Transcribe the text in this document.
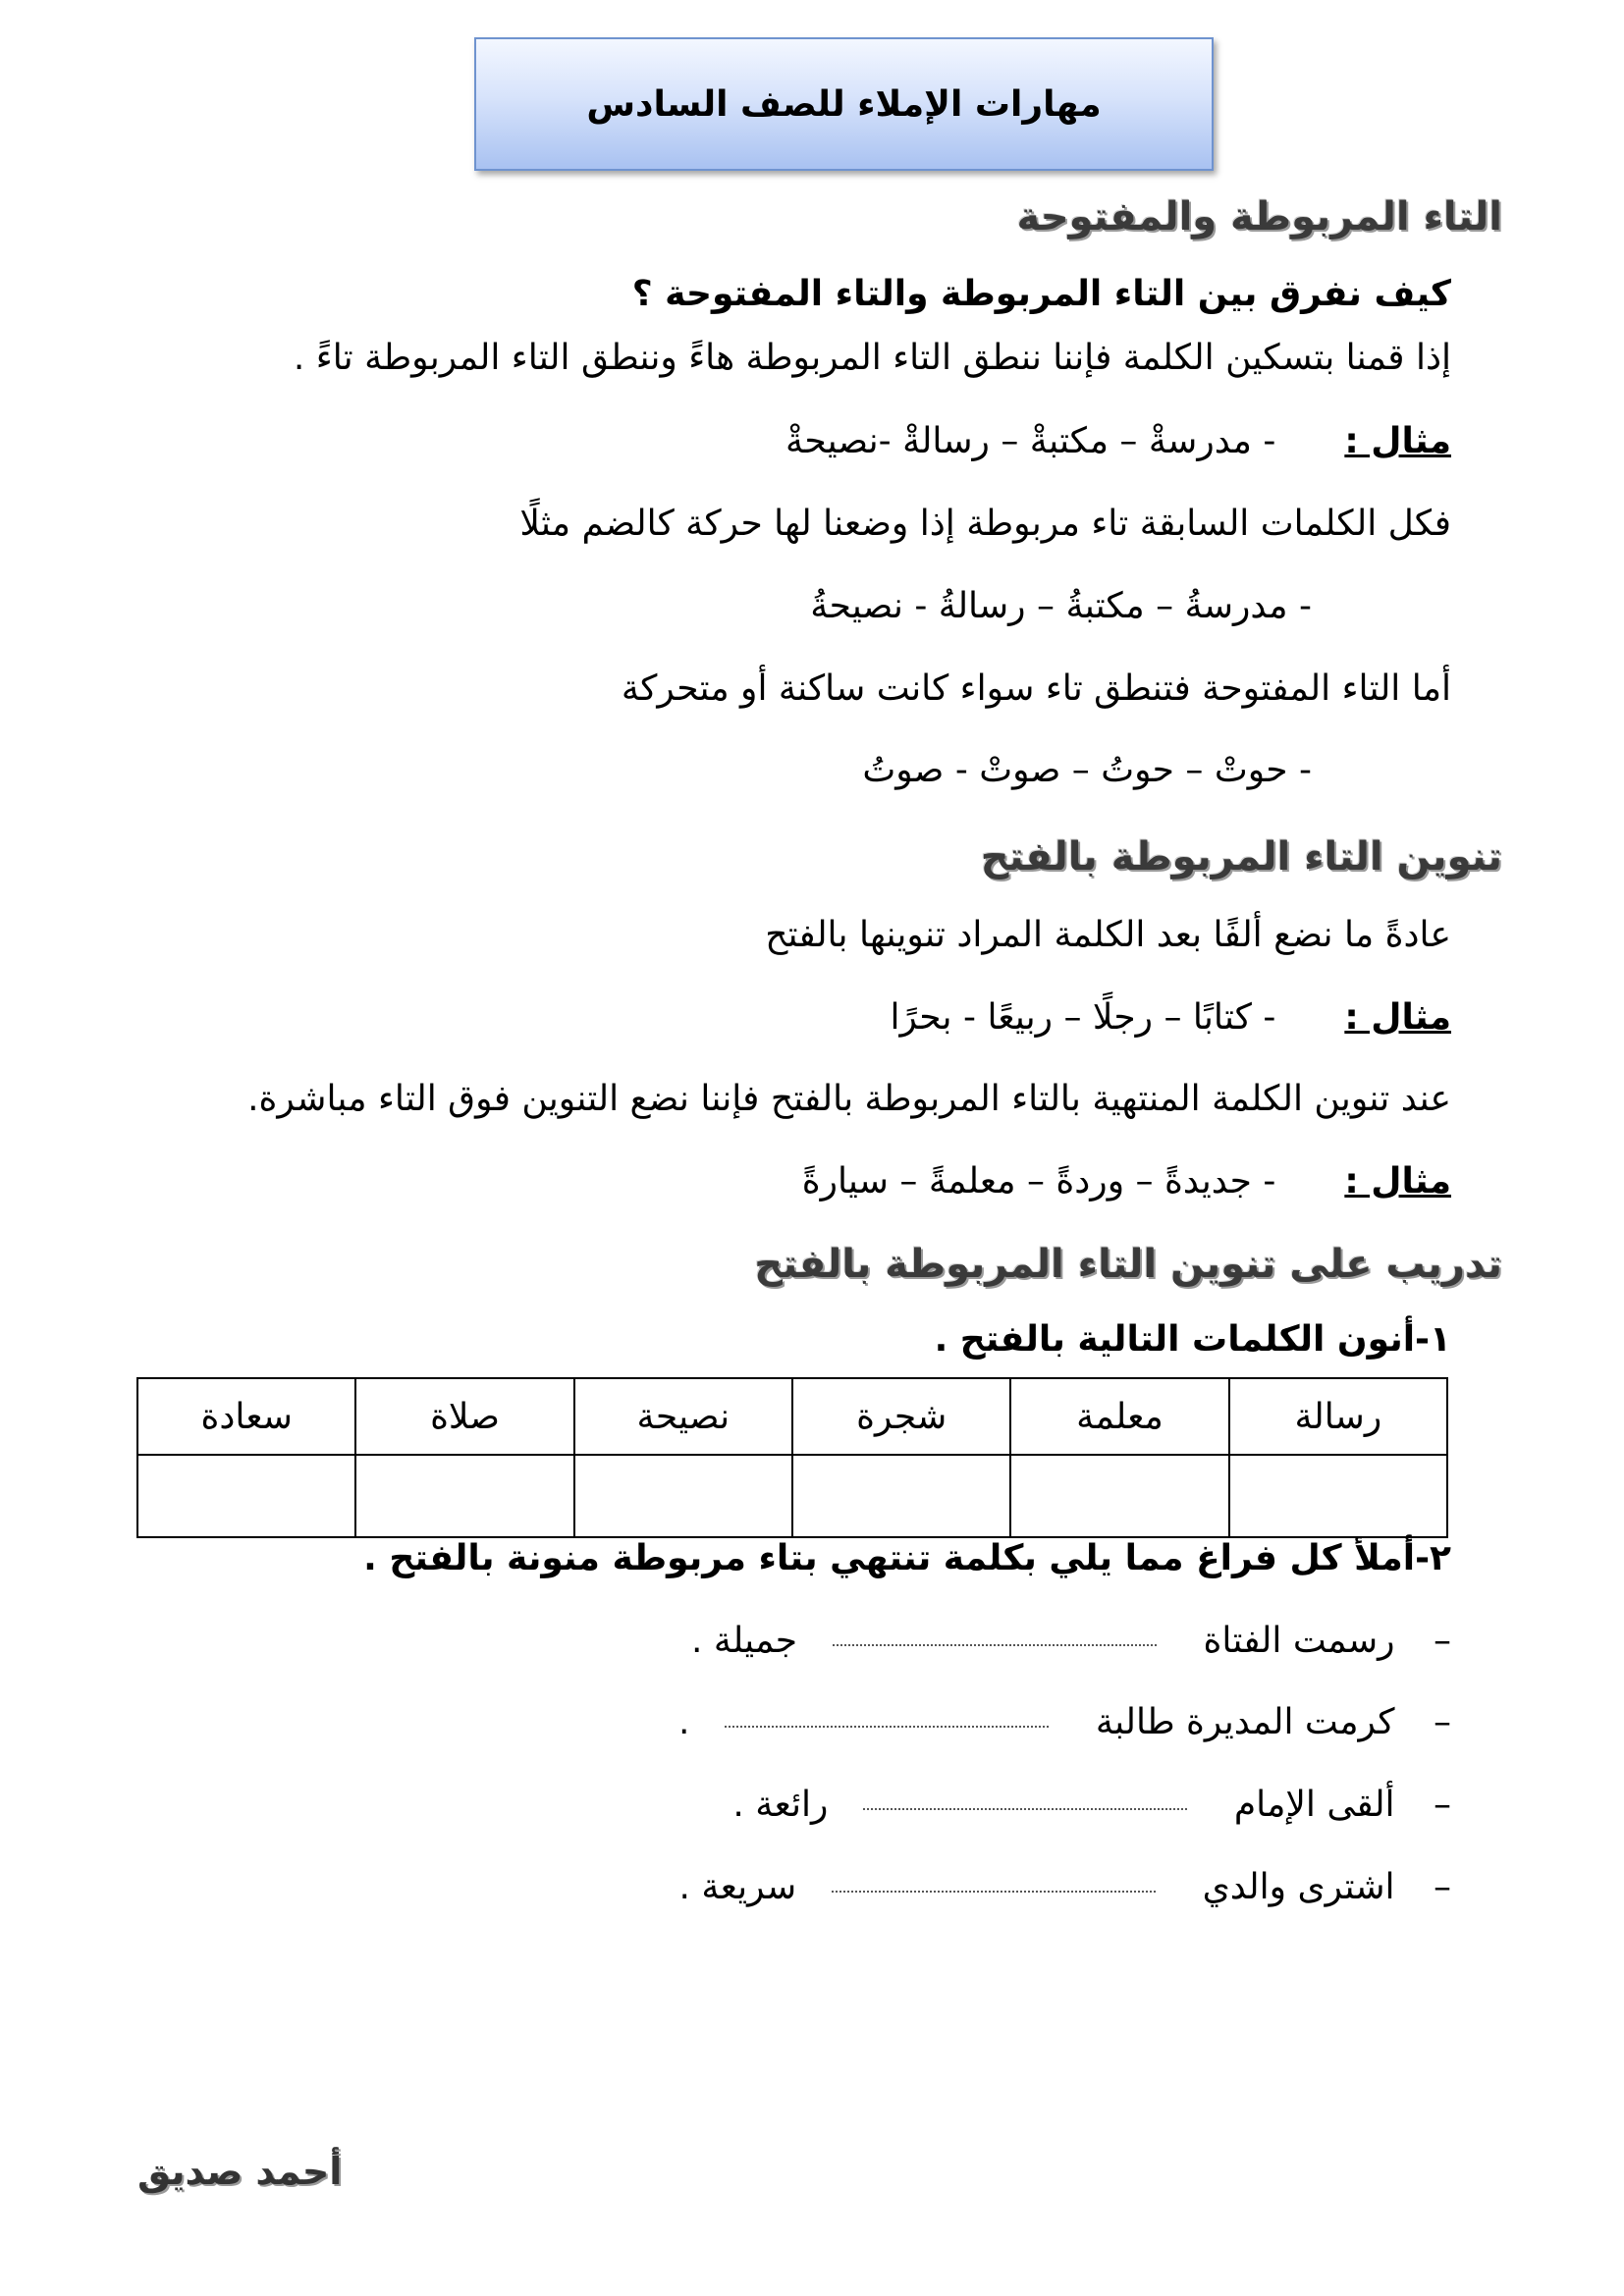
مهارات الإملاء للصف السادس
التاء المربوطة والمفتوحة
كيف نفرق بين التاء المربوطة والتاء المفتوحة ؟
إذا قمنا بتسكين الكلمة فإننا ننطق التاء المربوطة هاءً وننطق التاء المربوطة تاءً .
مثال :- مدرسةْ – مكتبةْ – رسالةْ -نصيحةْ
فكل الكلمات السابقة تاء مربوطة إذا وضعنا لها حركة كالضم مثلًا
- مدرسةُ – مكتبةُ – رسالةُ - نصيحةُ
أما التاء المفتوحة فتنطق تاء سواء كانت ساكنة أو متحركة
- حوتْ – حوتُ – صوتْ - صوتُ
تنوين التاء المربوطة بالفتح
عادةً ما نضع ألفًا بعد الكلمة المراد تنوينها بالفتح
مثال :- كتابًا – رجلًا – ربيعًا - بحرًا
عند تنوين الكلمة المنتهية بالتاء المربوطة بالفتح فإننا نضع التنوين فوق التاء مباشرة.
مثال :- جديدةً – وردةً – معلمةً – سيارةً
تدريب على تنوين التاء المربوطة بالفتح
١-أنون الكلمات التالية بالفتح .
رسالة	معلمة	شجرة	نصيحة	صلاة	سعادة

٢-أملأ كل فراغ مما يلي بكلمة تنتهي بتاء مربوطة منونة بالفتح .
– رسمت الفتاة جميلة .
– كرمت المديرة طالبة .
– ألقى الإمام رائعة .
– اشترى والدي سريعة .
أحمد صديق
